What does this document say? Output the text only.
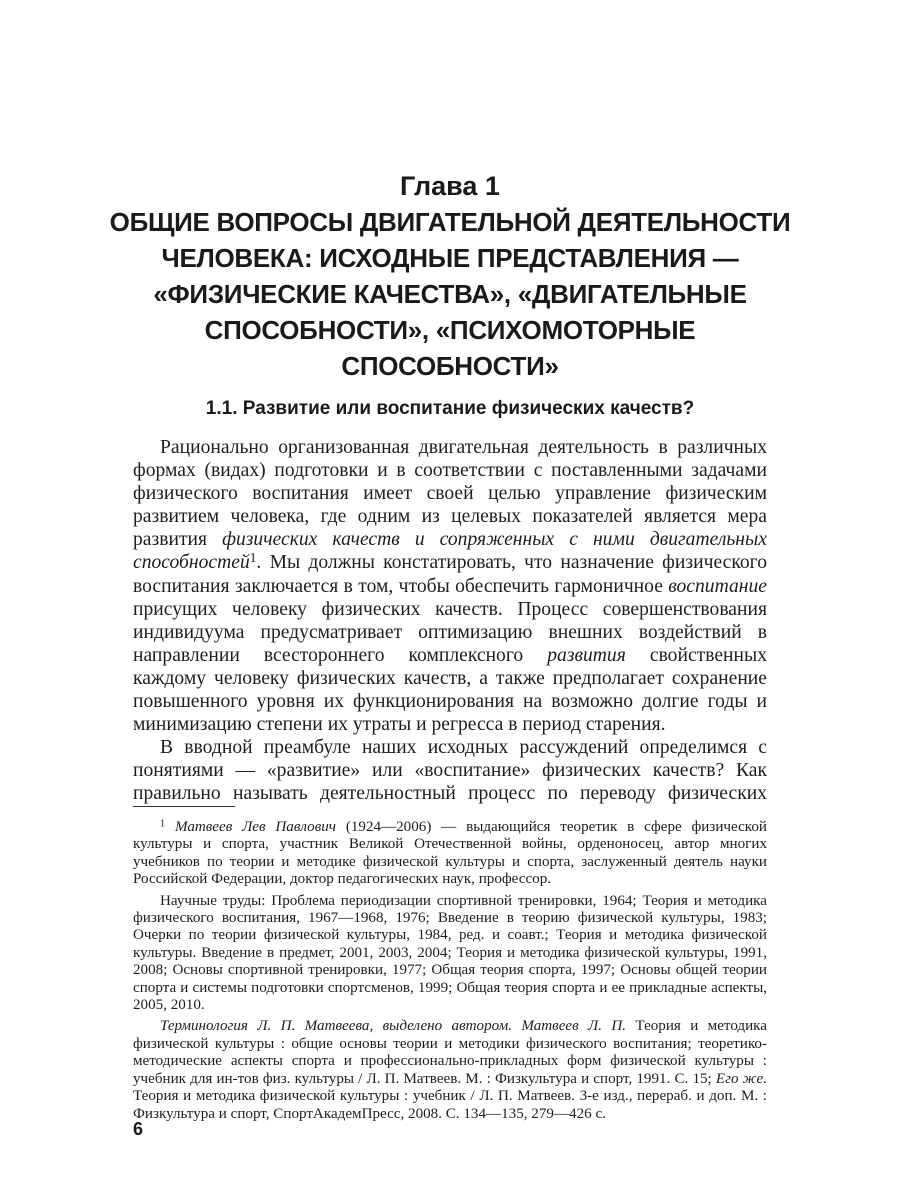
Глава 1
ОБЩИЕ ВОПРОСЫ ДВИГАТЕЛЬНОЙ ДЕЯТЕЛЬНОСТИ
ЧЕЛОВЕКА: ИСХОДНЫЕ ПРЕДСТАВЛЕНИЯ —
«ФИЗИЧЕСКИЕ КАЧЕСТВА», «ДВИГАТЕЛЬНЫЕ
СПОСОБНОСТИ», «ПСИХОМОТОРНЫЕ СПОСОБНОСТИ»
1.1. Развитие или воспитание физических качеств?

Рационально организованная двигательная деятельность в различных формах (видах) подготовки и в соответствии с поставленными задачами физического воспитания имеет своей целью управление физическим развитием человека, где одним из целевых показателей является мера развития физических качеств и сопряженных с ними двигательных способностей$^1$. Мы должны констатировать, что назначение физического воспитания заключается в том, чтобы обеспечить гармоничное воспитание присущих человеку физических качеств. Процесс совершенствования индивидуума предусматривает оптимизацию внешних воздействий в направлении всестороннего комплексного развития свойственных каждому человеку физических качеств, а также предполагает сохранение повышенного уровня их функционирования на возможно долгие годы и минимизацию степени их утраты и регресса в период старения.

В вводной преамбуле наших исходных рассуждений определимся с понятиями — «развитие» или «воспитание» физических качеств? Как правильно называть деятельностный процесс по переводу физических

$^1$ Матвеев Лев Павлович (1924—2006) — выдающийся теоретик в сфере физической культуры и спорта, участник Великой Отечественной войны, орденоносец, автор многих учебников по теории и методике физической культуры и спорта, заслуженный деятель науки Российской Федерации, доктор педагогических наук, профессор.

Научные труды: Проблема периодизации спортивной тренировки, 1964; Теория и методика физического воспитания, 1967—1968, 1976; Введение в теорию физической культуры, 1983; Очерки по теории физической культуры, 1984, ред. и соавт.; Теория и методика физической культуры. Введение в предмет, 2001, 2003, 2004; Теория и методика физической культуры, 1991, 2008; Основы спортивной тренировки, 1977; Общая теория спорта, 1997; Основы общей теории спорта и системы подготовки спортсменов, 1999; Общая теория спорта и ее прикладные аспекты, 2005, 2010.

Терминология Л. П. Матвеева, выделено автором. Матвеев Л. П. Теория и методика физической культуры : общие основы теории и методики физического воспитания; теоретико-методические аспекты спорта и профессионально-прикладных форм физической культуры : учебник для ин-тов физ. культуры / Л. П. Матвеев. М. : Физкультура и спорт, 1991. С. 15; Его же. Теория и методика физической культуры : учебник / Л. П. Матвеев. 3-е изд., перераб. и доп. М. : Физкультура и спорт, СпортАкадемПресс, 2008. С. 134—135, 279—426 с.

6
